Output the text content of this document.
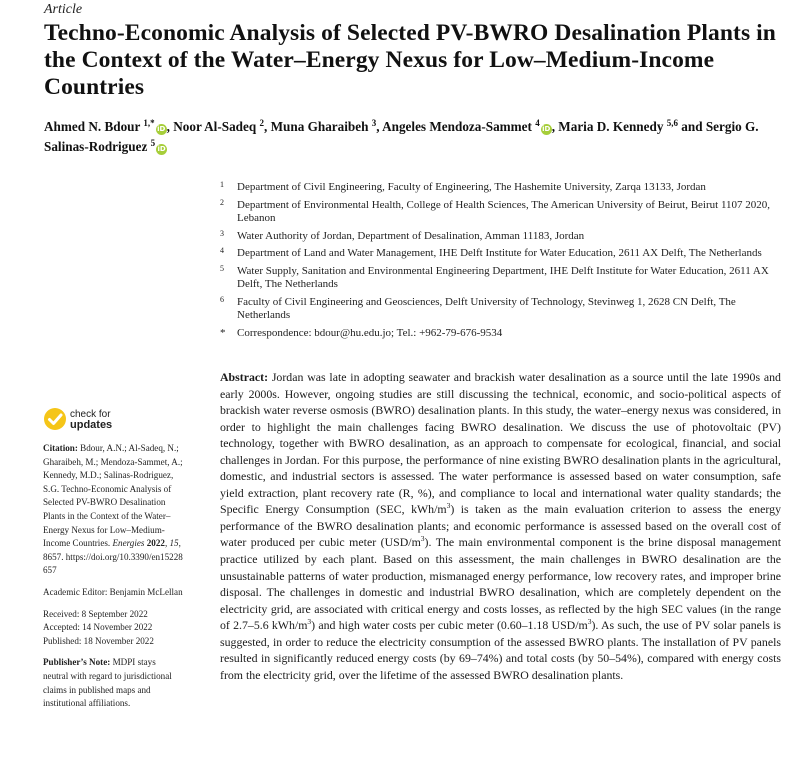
Article
Techno-Economic Analysis of Selected PV-BWRO Desalination Plants in the Context of the Water–Energy Nexus for Low–Medium-Income Countries
Ahmed N. Bdour $^{1,*}$iD, Noor Al-Sadeq $^2$, Muna Gharaibeh $^3$, Angeles Mendoza-Sammet $^4$iD, Maria D. Kennedy $^{5,6}$ and Sergio G. Salinas-Rodriguez $^5$iD
1 Department of Civil Engineering, Faculty of Engineering, The Hashemite University, Zarqa 13133, Jordan
2 Department of Environmental Health, College of Health Sciences, The American University of Beirut, Beirut 1107 2020, Lebanon
3 Water Authority of Jordan, Department of Desalination, Amman 11183, Jordan
4 Department of Land and Water Management, IHE Delft Institute for Water Education, 2611 AX Delft, The Netherlands
5 Water Supply, Sanitation and Environmental Engineering Department, IHE Delft Institute for Water Education, 2611 AX Delft, The Netherlands
6 Faculty of Civil Engineering and Geosciences, Delft University of Technology, Stevinweg 1, 2628 CN Delft, The Netherlands
* Correspondence: bdour@hu.edu.jo; Tel.: +962-79-676-9534
check for
updates

Citation: Bdour, A.N.; Al-Sadeq, N.; Gharaibeh, M.; Mendoza-Sammet, A.; Kennedy, M.D.; Salinas-Rodriguez, S.G. Techno-Economic Analysis of Selected PV-BWRO Desalination Plants in the Context of the Water–Energy Nexus for Low–Medium-Income Countries. Energies 2022, 15, 8657. https://doi.org/10.3390/en15228657

Academic Editor: Benjamin McLellan

Received: 8 September 2022

Accepted: 14 November 2022

Published: 18 November 2022

Publisher’s Note: MDPI stays neutral with regard to jurisdictional claims in published maps and institutional affiliations.

Abstract: Jordan was late in adopting seawater and brackish water desalination as a source until the late 1990s and early 2000s. However, ongoing studies are still discussing the technical, economic, and socio-political aspects of brackish water reverse osmosis (BWRO) desalination plants. In this study, the water–energy nexus was considered, in order to highlight the main challenges facing BWRO desalination. We discuss the use of photovoltaic (PV) technology, together with BWRO desalination, as an approach to compensate for ecological, financial, and social challenges in Jordan. For this purpose, the performance of nine existing BWRO desalination plants in the agricultural, domestic, and industrial sectors is assessed. The water performance is assessed based on water consumption, safe yield extraction, plant recovery rate (R, %), and compliance to local and international water quality standards; the Specific Energy Consumption (SEC, kWh/$m^3$) is taken as the main evaluation criterion to assess the energy performance of the BWRO desalination plants; and economic performance is assessed based on the overall cost of water produced per cubic meter $(USD/m^3)$. The main environmental component is the brine disposal management practice utilized by each plant. Based on this assessment, the main challenges in BWRO desalination are the unsustainable patterns of water production, mismanaged energy performance, low recovery rates, and improper brine disposal. The challenges in domestic and industrial BWRO desalination, which are completely dependent on the electricity grid, are associated with critical energy and costs losses, as reflected by the high SEC values (in the range of 2.7–5.6 kWh/$m^3$) and high water costs per cubic meter (0.60–1.18 USD/$m^3$). As such, the use of PV solar panels is suggested, in order to reduce the electricity consumption of the assessed BWRO plants. The installation of PV panels resulted in significantly reduced energy costs (by 69–74%) and total costs (by 50–54%), compared with energy costs from the electricity grid, over the lifetime of the assessed BWRO desalination plants.
